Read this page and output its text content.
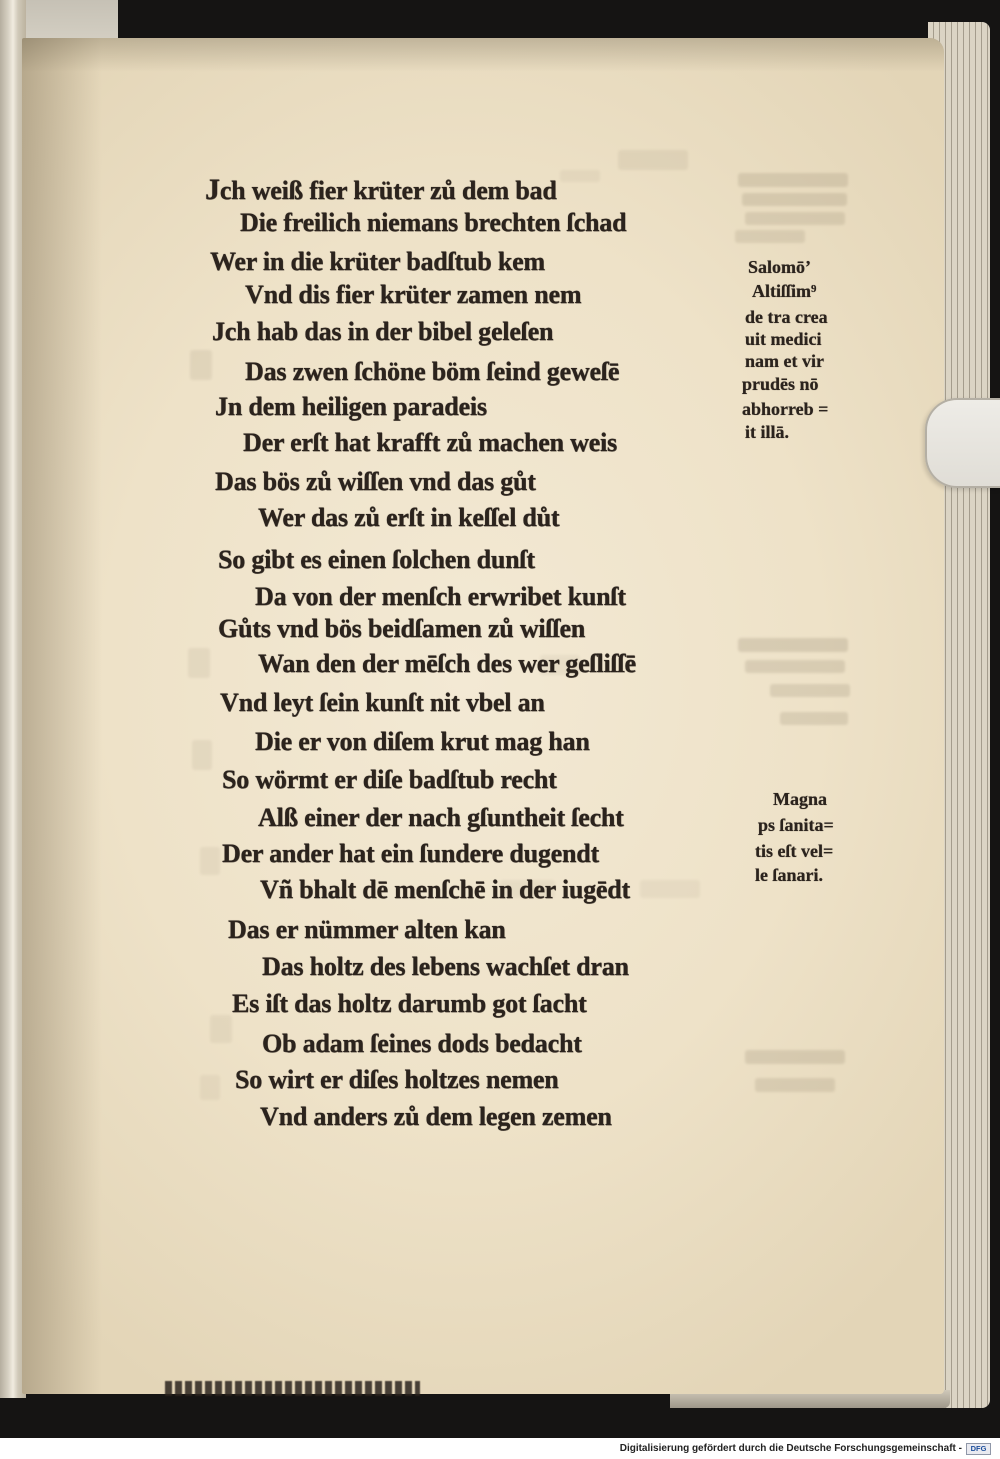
Jch weiß fier krüter zů dem bad
Die freilich niemans brechten ſchad
Wer in die krüter badſtub kem
Vnd dis fier krüter zamen nem
Jch hab das in der bibel geleſen
Das zwen ſchöne böm ſeind geweſē
Jn dem heiligen paradeis
Der erſt hat krafft zů machen weis
Das bös zů wiſſen vnd das gůt
Wer das zů erſt in keſſel důt
So gibt es einen ſolchen dunſt
Da von der menſch erwribet kunſt
Gůts vnd bös beidſamen zů wiſſen
Wan den der mēſch des wer geſliſſē
Vnd leyt ſein kunſt nit vbel an
Die er von diſem krut mag han
So wörmt er diſe badſtub recht
Alß einer der nach gſuntheit ſecht
Der ander hat ein ſundere dugendt
Vñ bhalt dē menſchē in der iugēdt
Das er nümmer alten kan
Das holtz des lebens wachſet dran
Es iſt das holtz darumb got ſacht
Ob adam ſeines dods bedacht
So wirt er diſes holtzes nemen
Vnd anders zů dem legen zemen
Salomō’
Altiſſim⁹
de tra crea
uit medici
nam et vir
prudēs nō
abhorreb =
it illā.
Magna
ps ſanita=
tis eſt vel=
le ſanari.
Digitalisierung gefördert durch die Deutsche Forschungsgemeinschaft -	DFG
